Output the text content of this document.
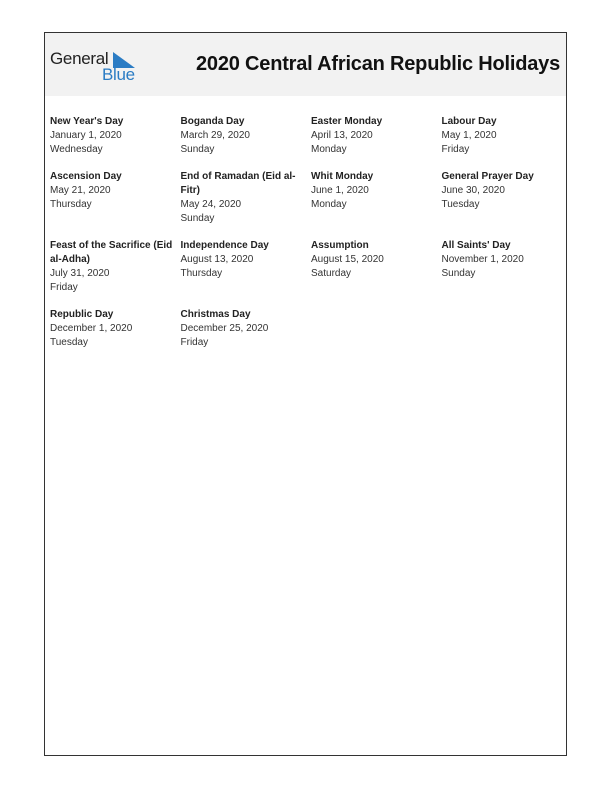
General
Blue	2020 Central African Republic Holidays
New Year's Day
January 1, 2020
Wednesday
Boganda Day
March 29, 2020
Sunday
Easter Monday
April 13, 2020
Monday
Labour Day
May 1, 2020
Friday
Ascension Day
May 21, 2020
Thursday
End of Ramadan (Eid al-Fitr)
May 24, 2020
Sunday
Whit Monday
June 1, 2020
Monday
General Prayer Day
June 30, 2020
Tuesday
Feast of the Sacrifice (Eid al-Adha)
July 31, 2020
Friday
Independence Day
August 13, 2020
Thursday
Assumption
August 15, 2020
Saturday
All Saints' Day
November 1, 2020
Sunday
Republic Day
December 1, 2020
Tuesday
Christmas Day
December 25, 2020
Friday
